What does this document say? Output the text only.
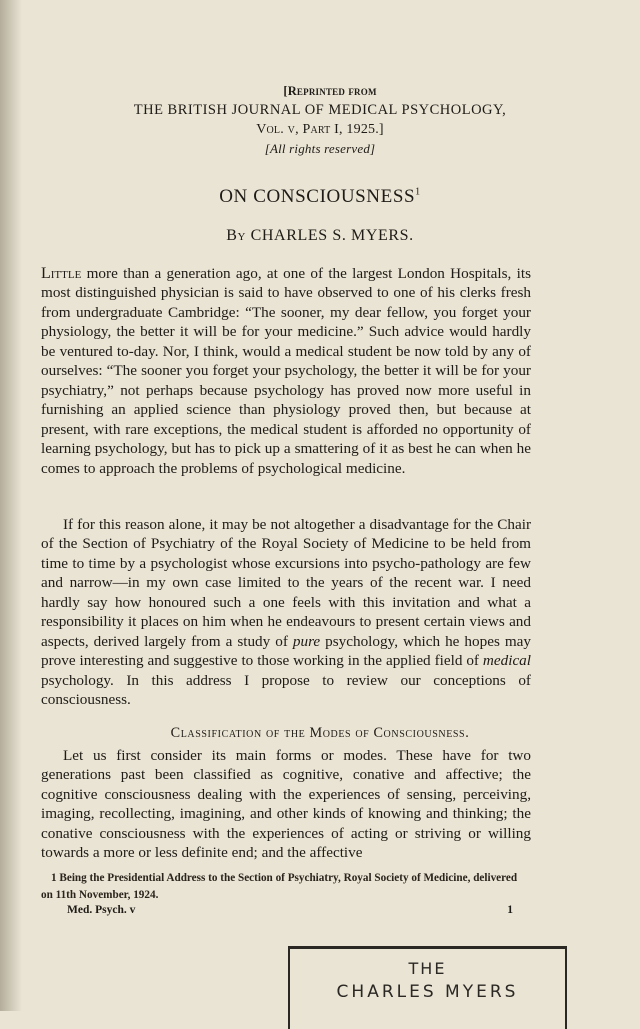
[Reprinted from
THE BRITISH JOURNAL OF MEDICAL PSYCHOLOGY,
Vol. v, Part I, 1925.]
[All rights reserved]
ON CONSCIOUSNESS$^1$
By CHARLES S. MYERS.
Little more than a generation ago, at one of the largest London Hospitals, its most distinguished physician is said to have observed to one of his clerks fresh from undergraduate Cambridge: “The sooner, my dear fellow, you forget your physiology, the better it will be for your medicine.” Such advice would hardly be ventured to-day. Nor, I think, would a medical student be now told by any of ourselves: “The sooner you forget your psychology, the better it will be for your psychiatry,” not perhaps because psychology has proved now more useful in furnishing an applied science than physiology proved then, but because at present, with rare exceptions, the medical student is afforded no opportunity of learning psychology, but has to pick up a smattering of it as best he can when he comes to approach the problems of psychological medicine.
If for this reason alone, it may be not altogether a disadvantage for the Chair of the Section of Psychiatry of the Royal Society of Medicine to be held from time to time by a psychologist whose excursions into psycho-pathology are few and narrow—in my own case limited to the years of the recent war. I need hardly say how honoured such a one feels with this invitation and what a responsibility it places on him when he endeavours to present certain views and aspects, derived largely from a study of pure psychology, which he hopes may prove interesting and suggestive to those working in the applied field of medical psychology. In this address I propose to review our conceptions of consciousness.
Classification of the Modes of Consciousness.
Let us first consider its main forms or modes. These have for two generations past been classified as cognitive, conative and affective; the cognitive consciousness dealing with the experiences of sensing, perceiving, imaging, recollecting, imagining, and other kinds of knowing and thinking; the conative consciousness with the experiences of acting or striving or willing towards a more or less definite end; and the affective
1 Being the Presidential Address to the Section of Psychiatry, Royal Society of Medicine, delivered on 11th November, 1924.
Med. Psych. v	1
THE
CHARLES MYERS
